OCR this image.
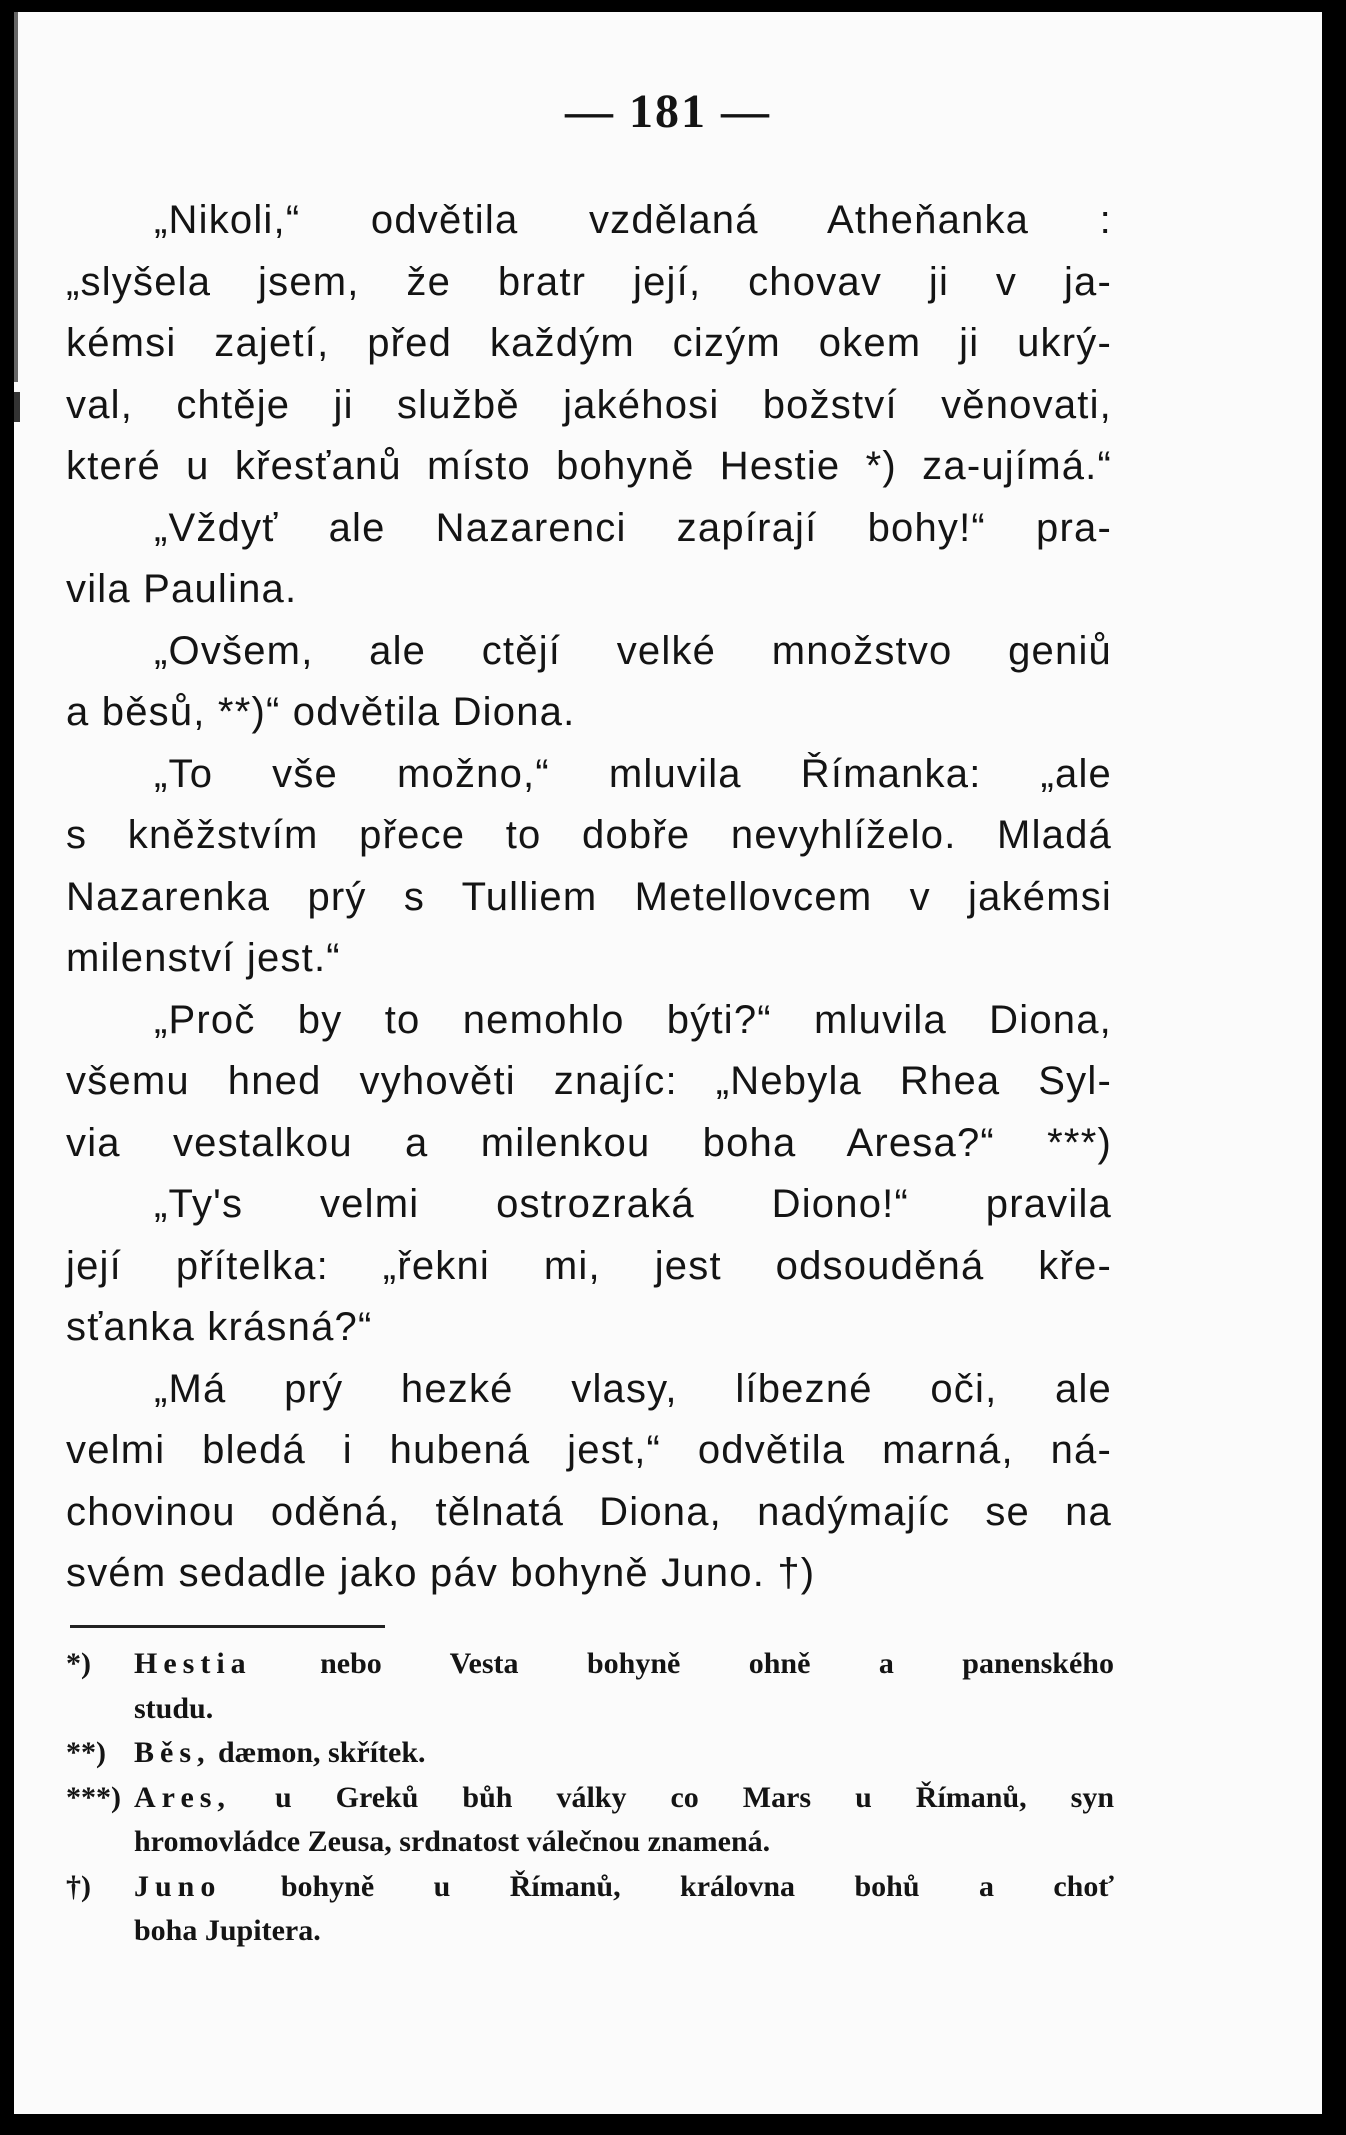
— 181 —
„Nikoli,“ odvětila vzdělaná Atheňanka :
„slyšela jsem, že bratr její, chovav ji v ja-
kémsi zajetí, před každým cizým okem ji ukrý-
val, chtěje ji službě jakéhosi božství věnovati,
které u křesťanů místo bohyně Hestie *) za-ujímá.“
„Vždyť ale Nazarenci zapírají bohy!“ pra-
vila Paulina.
„Ovšem, ale ctějí velké množstvo geniů
a běsů, **)“ odvětila Diona.
„To vše možno,“ mluvila Římanka: „ale
s kněžstvím přece to dobře nevyhlíželo. Mladá
Nazarenka prý s Tulliem Metellovcem v jakémsi
milenství jest.“
„Proč by to nemohlo býti?“ mluvila Diona,
všemu hned vyhověti znajíc: „Nebyla Rhea Syl-
via vestalkou a milenkou boha Aresa?“ ***)
„Ty's velmi ostrozraká Diono!“ pravila
její přítelka: „řekni mi, jest odsouděná kře-
sťanka krásná?“
„Má prý hezké vlasy, líbezné oči, ale
velmi bledá i hubená jest,“ odvětila marná, ná-
chovinou oděná, tělnatá Diona, nadýmajíc se na
svém sedadle jako páv bohyně Juno. †)
*) Hestia nebo Vesta bohyně ohně a panenského
studu.
**) Běs, dæmon, skřítek.
***) Ares, u Greků bůh války co Mars u Římanů, syn
hromovládce Zeusa, srdnatost válečnou znamená.
†) Juno bohyně u Římanů, královna bohů a choť
boha Jupitera.
